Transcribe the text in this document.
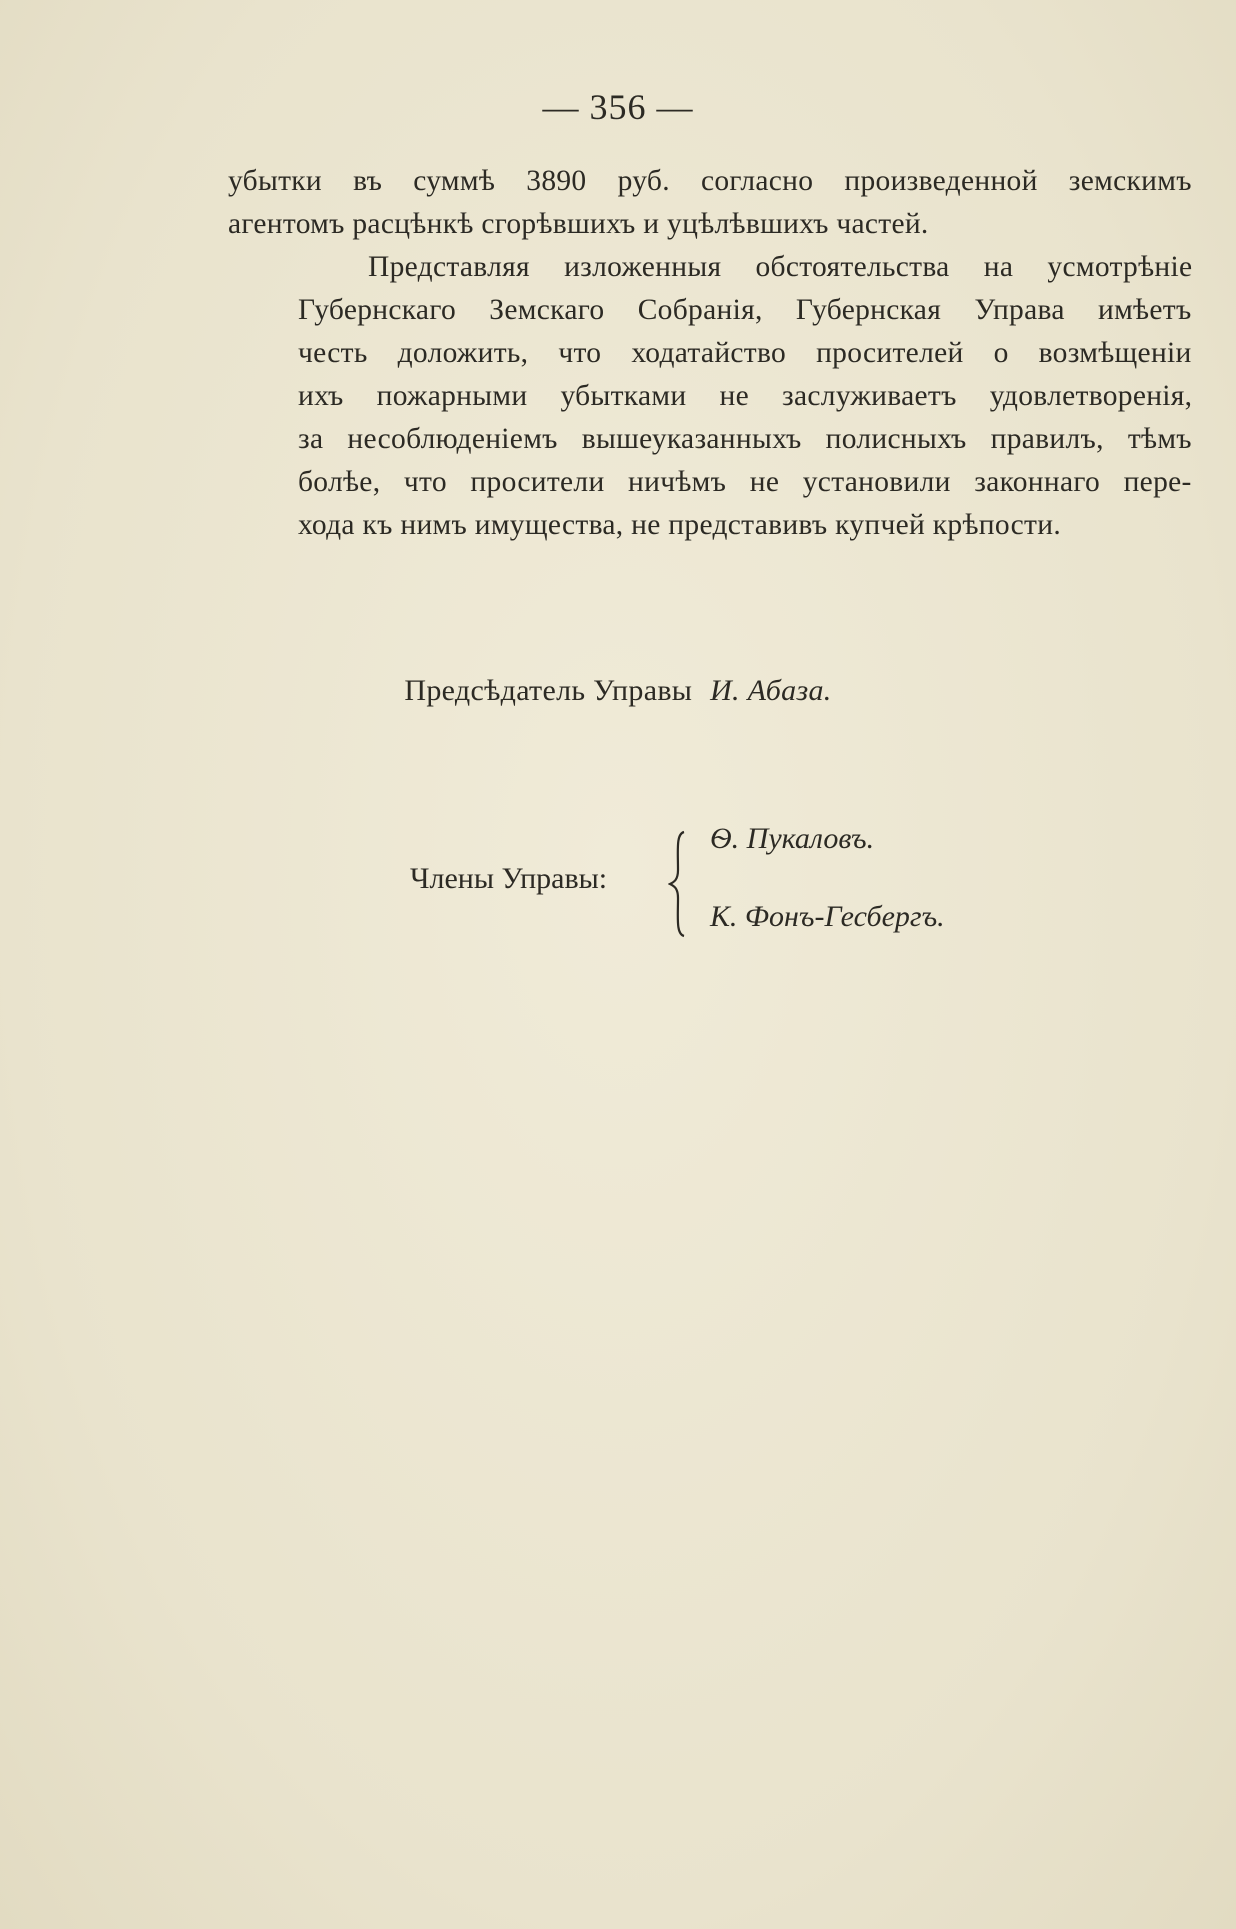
— 356 —

убытки въ суммѣ 3890 руб. согласно произведенной земскимъ
агентомъ расцѣнкѣ сгорѣвшихъ и уцѣлѣвшихъ частей.

Представляя изложенныя обстоятельства на усмотрѣніе
Губернскаго Земскаго Собранія, Губернская Управа имѣетъ
честь доложить, что ходатайство просителей о возмѣщеніи
ихъ пожарными убытками не заслуживаетъ удовлетворенія,
за несоблюденіемъ вышеуказанныхъ полисныхъ правилъ, тѣмъ
болѣе, что просители ничѣмъ не установили законнаго пере-
хода къ нимъ имущества, не представивъ купчей крѣпости.

Предсѣдатель Управы И. Абаза.
Члены Управы:
Ѳ. Пукаловъ.
К. Фонъ-Гесбергъ.
